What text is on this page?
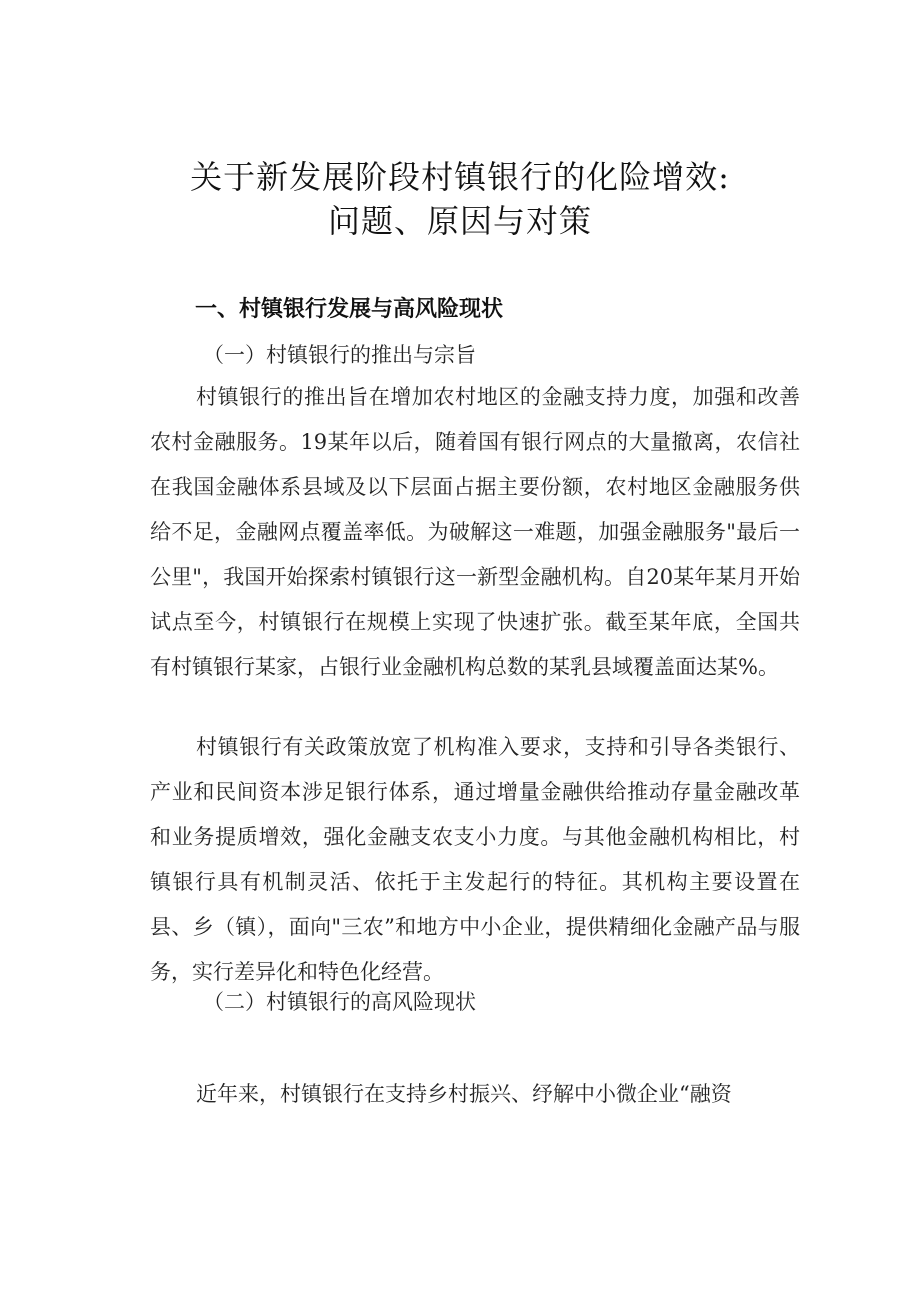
关于新发展阶段村镇银行的化险增效:
问题、原因与对策
一、村镇银行发展与高风险现状
（一）村镇银行的推出与宗旨

村镇银行的推出旨在增加农村地区的金融支持力度，加强和改善农村金融服务。19某年以后，随着国有银行网点的大量撤离，农信社在我国金融体系县域及以下层面占据主要份额，农村地区金融服务供给不足，金融网点覆盖率低。为破解这一难题，加强金融服务"最后一公里"，我国开始探索村镇银行这一新型金融机构。自20某年某月开始试点至今，村镇银行在规模上实现了快速扩张。截至某年底，全国共有村镇银行某家，占银行业金融机构总数的某乳县域覆盖面达某%。

村镇银行有关政策放宽了机构准入要求，支持和引导各类银行、产业和民间资本涉足银行体系，通过增量金融供给推动存量金融改革和业务提质增效，强化金融支农支小力度。与其他金融机构相比，村镇银行具有机制灵活、依托于主发起行的特征。其机构主要设置在县、乡（镇），面向"三农”和地方中小企业，提供精细化金融产品与服务，实行差异化和特色化经营。

（二）村镇银行的高风险现状

近年来，村镇银行在支持乡村振兴、纾解中小微企业“融资
